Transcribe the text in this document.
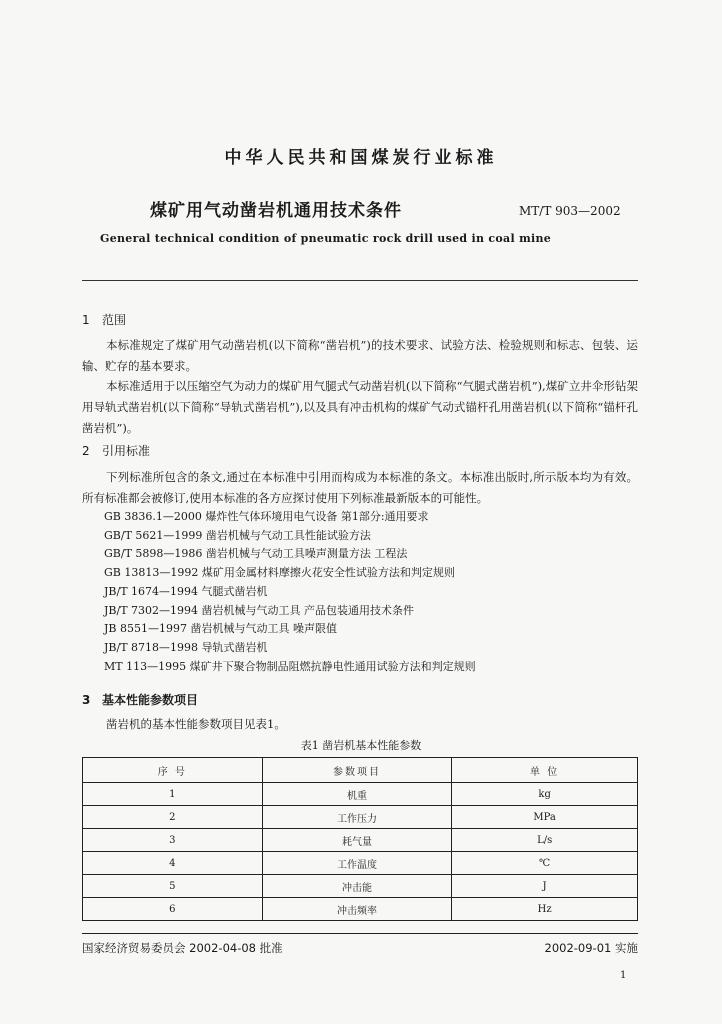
中华人民共和国煤炭行业标准
煤矿用气动凿岩机通用技术条件	MT/T 903—2002
General technical condition of pneumatic rock drill used in coal mine
1 范围
本标准规定了煤矿用气动凿岩机(以下简称“凿岩机”)的技术要求、试验方法、检验规则和标志、包装、运输、贮存的基本要求。
本标准适用于以压缩空气为动力的煤矿用气腿式气动凿岩机(以下简称“气腿式凿岩机”),煤矿立井伞形钻架用导轨式凿岩机(以下简称“导轨式凿岩机”),以及具有冲击机构的煤矿气动式锚杆孔用凿岩机(以下简称“锚杆孔凿岩机”)。
2 引用标准
下列标准所包含的条文,通过在本标准中引用而构成为本标准的条文。本标准出版时,所示版本均为有效。所有标准都会被修订,使用本标准的各方应探讨使用下列标准最新版本的可能性。
GB 3836.1—2000 爆炸性气体环境用电气设备 第1部分:通用要求
GB/T 5621—1999 凿岩机械与气动工具性能试验方法
GB/T 5898—1986 凿岩机械与气动工具噪声测量方法 工程法
GB 13813—1992 煤矿用金属材料摩擦火花安全性试验方法和判定规则
JB/T 1674—1994 气腿式凿岩机
JB/T 7302—1994 凿岩机械与气动工具 产品包装通用技术条件
JB 8551—1997 凿岩机械与气动工具 噪声限值
JB/T 8718—1998 导轨式凿岩机
MT 113—1995 煤矿井下聚合物制品阻燃抗静电性通用试验方法和判定规则
3 基本性能参数项目
凿岩机的基本性能参数项目见表1。
表1 凿岩机基本性能参数
序 号	参数项目	单 位
1	机重	kg
2	工作压力	MPa
3	耗气量	L/s
4	工作温度	℃
5	冲击能	J
6	冲击频率	Hz
国家经济贸易委员会 2002-04-08 批准	2002-09-01 实施
1
